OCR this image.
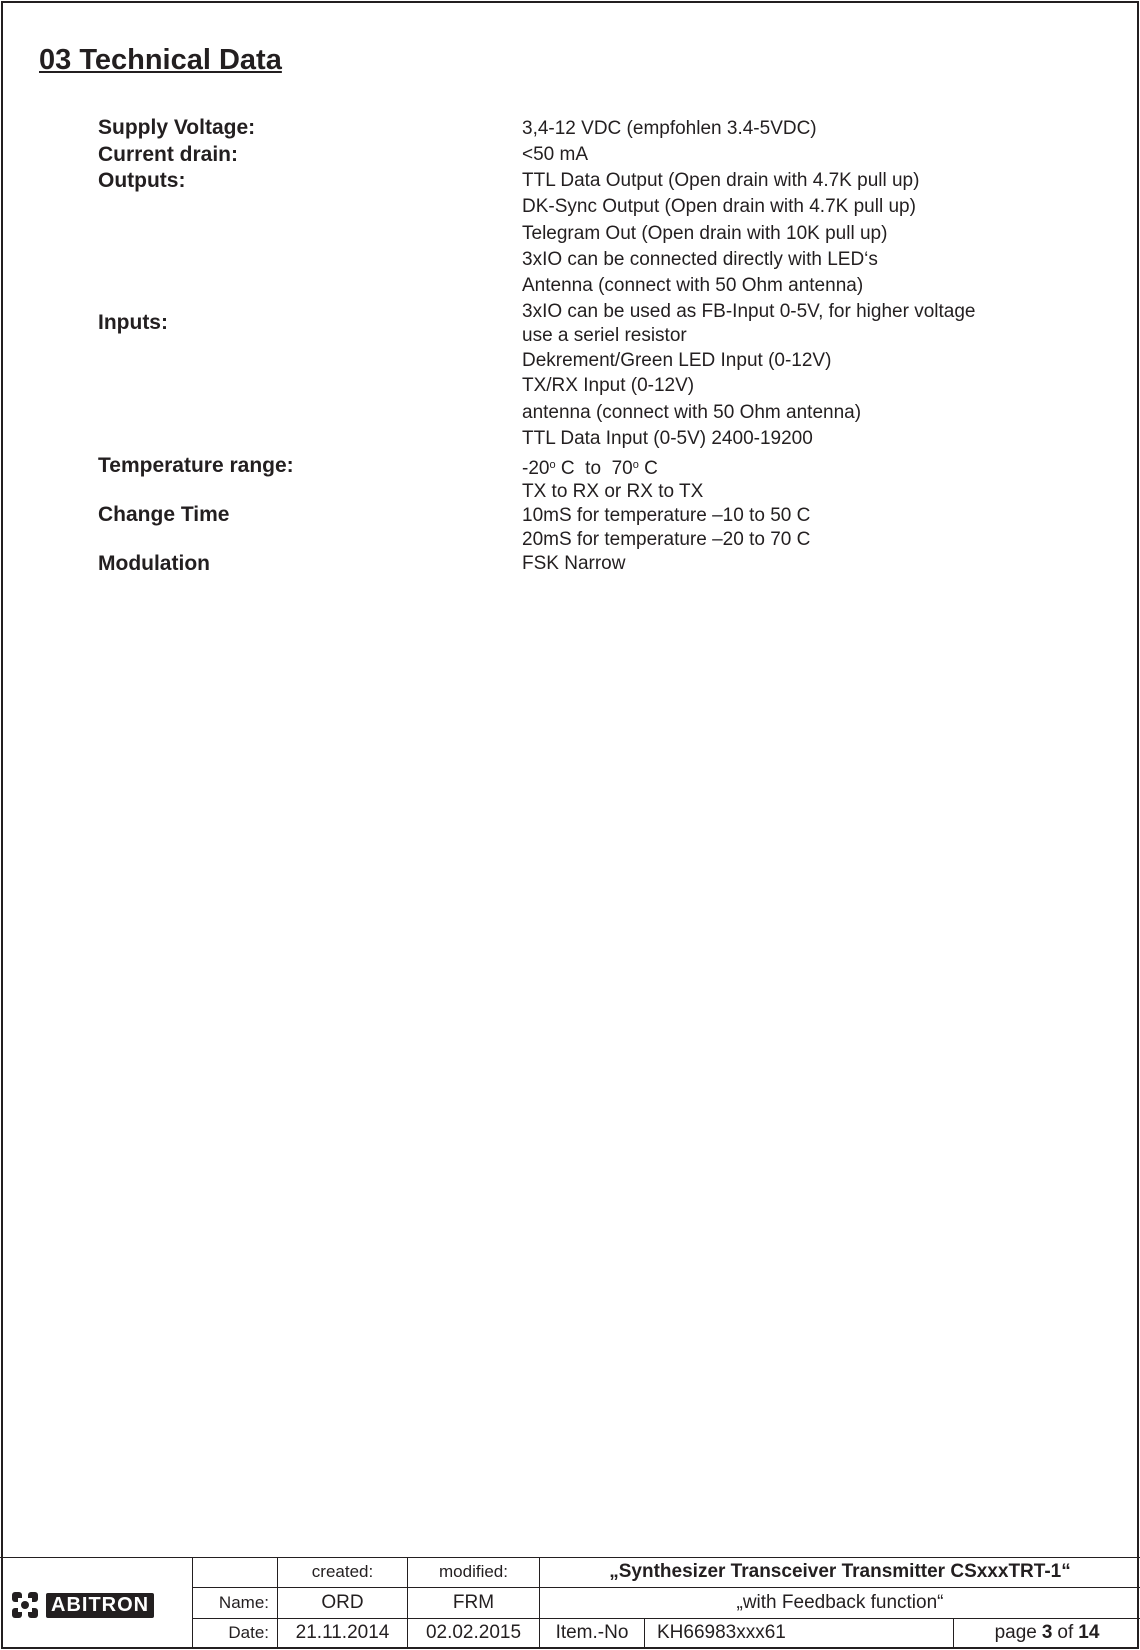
03 Technical Data
Supply Voltage:	3,4-12 VDC (empfohlen 3.4-5VDC)
Current drain:	<50 mA
Outputs:	TTL Data Output (Open drain with 4.7K pull up)
DK-Sync Output (Open drain with 4.7K pull up)
Telegram Out (Open drain with 10K pull up)
3xIO can be connected directly with LED‘s
Antenna (connect with 50 Ohm antenna)
Inputs:	3xIO can be used as FB-Input 0-5V, for higher voltage
use a seriel resistor
Dekrement/Green LED Input (0-12V)
TX/RX Input (0-12V)
antenna (connect with 50 Ohm antenna)
TTL Data Input (0-5V) 2400-19200
Temperature range:	-20$^o$ C to 70$^o$ C
TX to RX or RX to TX
Change Time	10mS for temperature –10 to 50 C
20mS for temperature –20 to 70 C
Modulation	FSK Narrow
ABITRON
created:	modified:	„Synthesizer Transceiver Transmitter CSxxxTRT-1“
Name:	ORD	FRM	„with Feedback function“
Date:	21.11.2014	02.02.2015	Item.-No	KH66983xxx61	page 3 of 14
